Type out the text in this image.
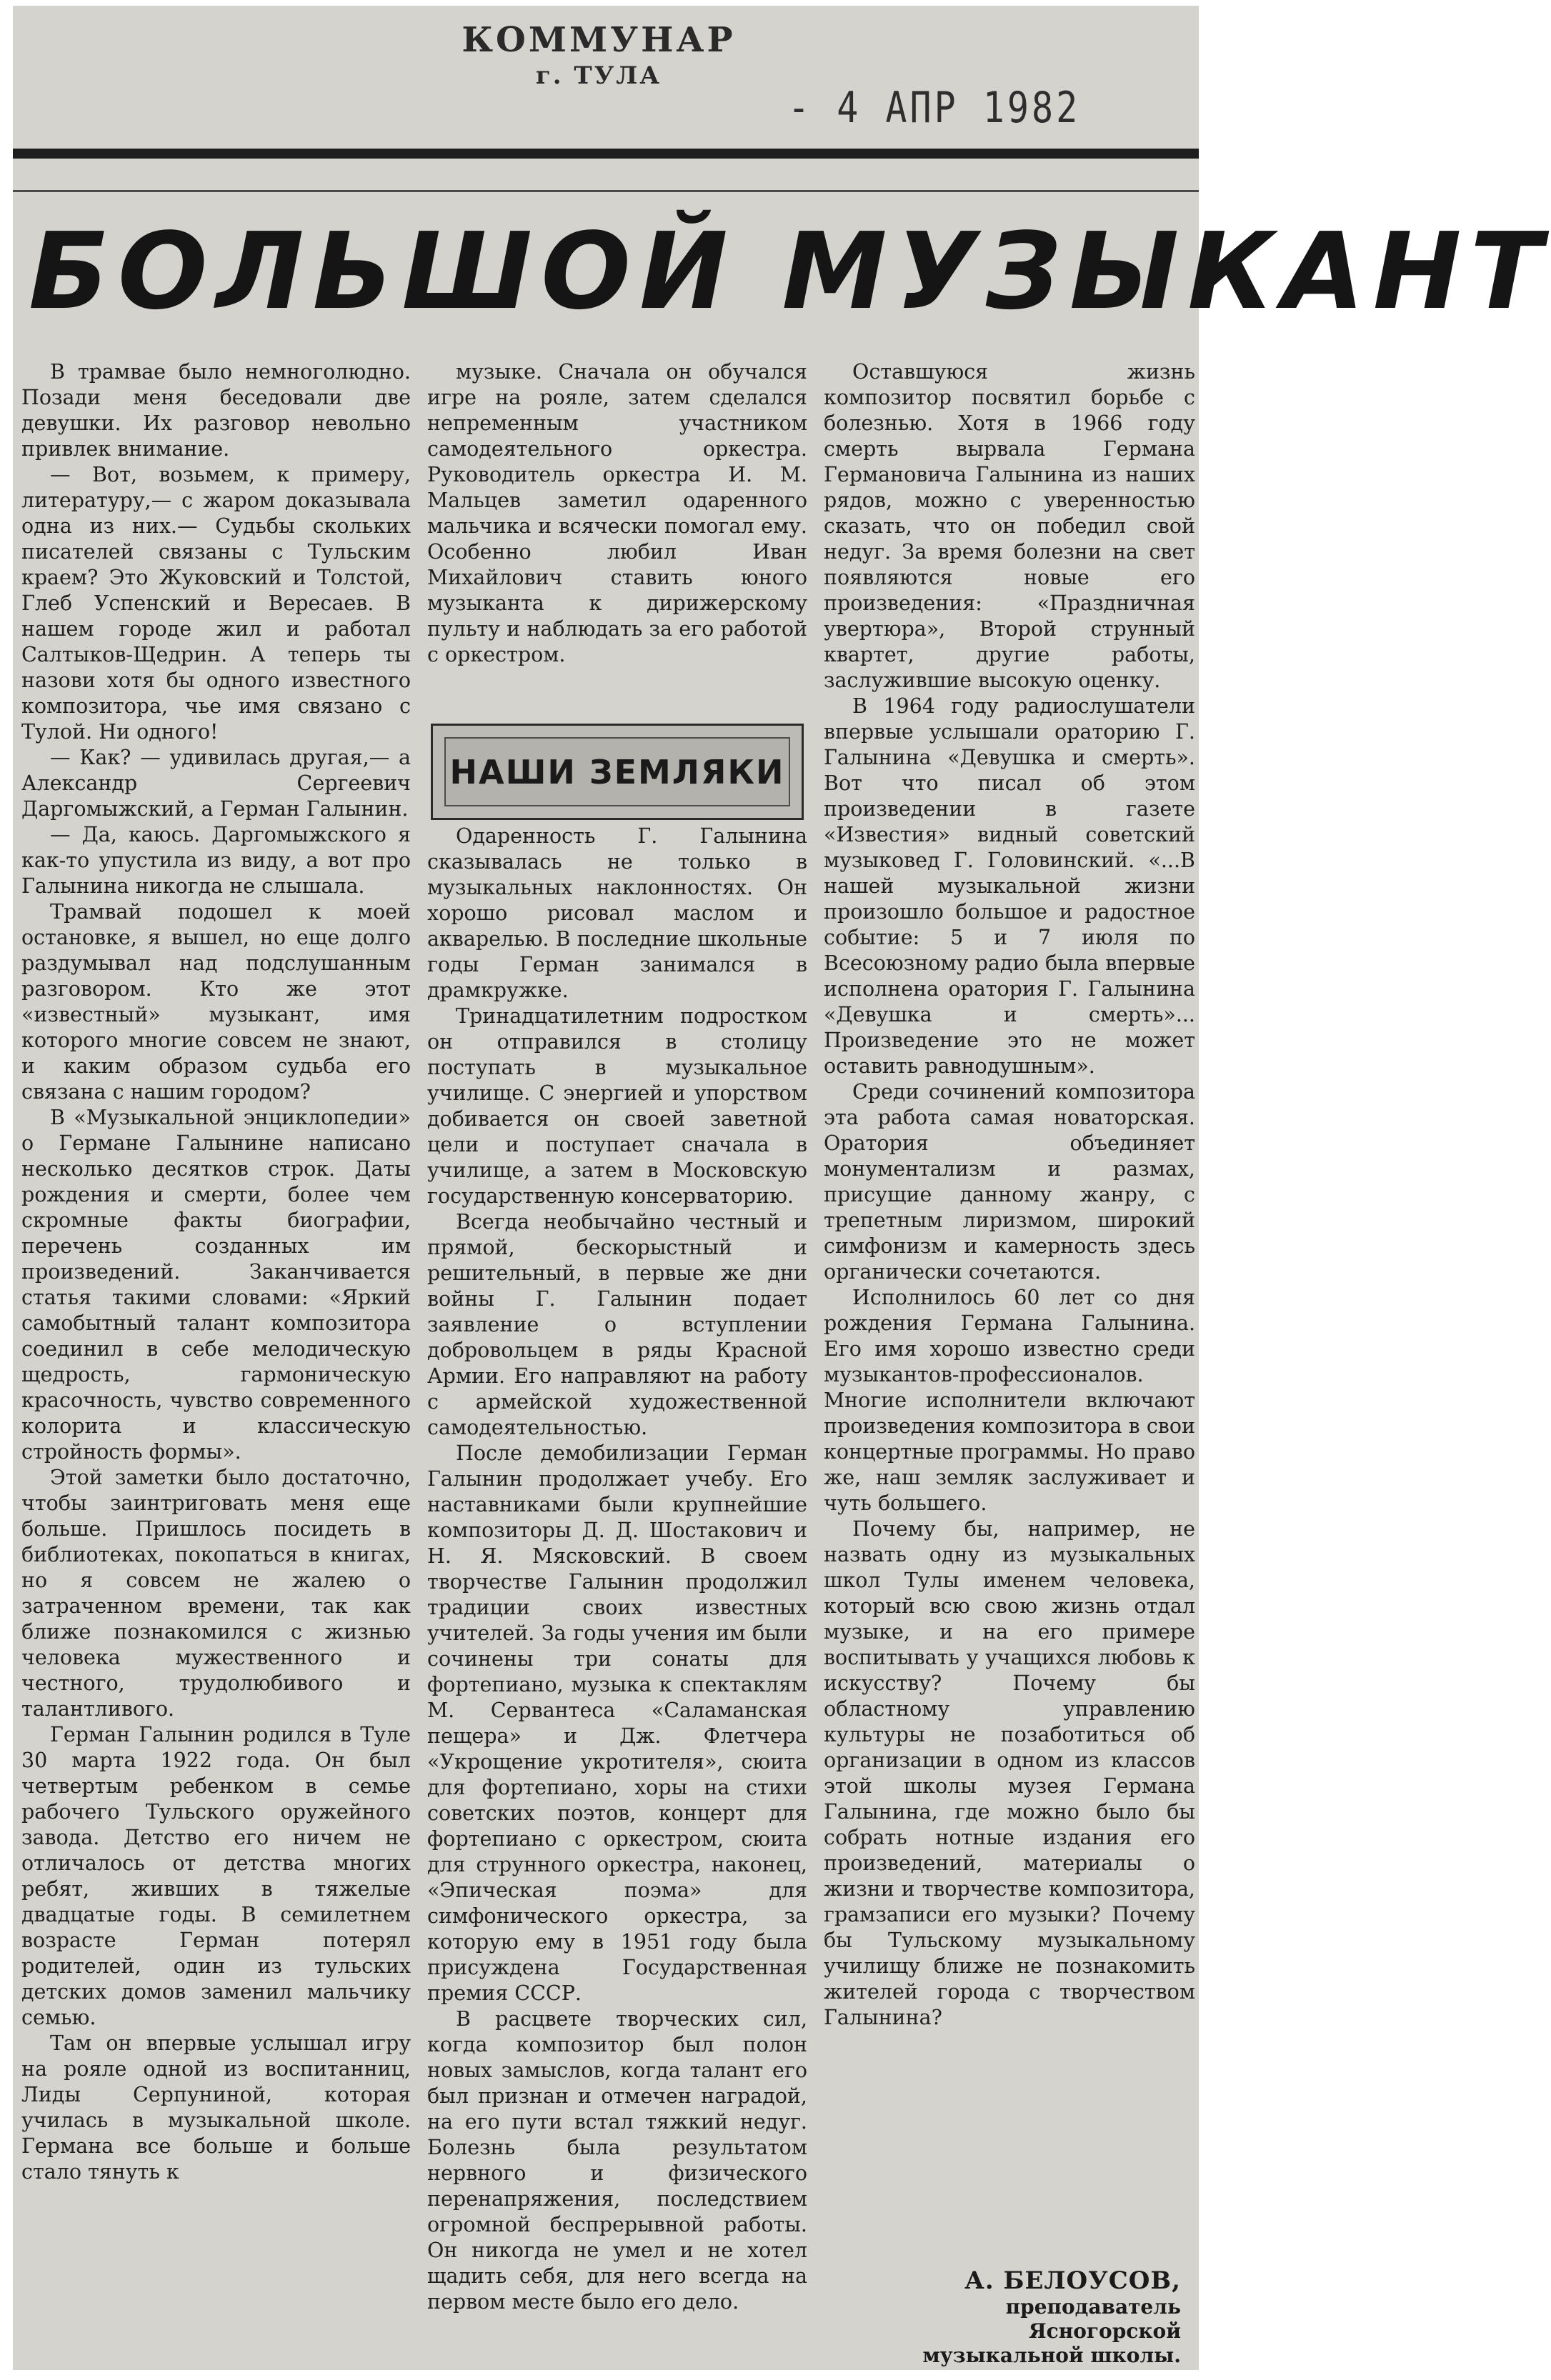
КОММУНАР
г. ТУЛА
- 4 АПР 1982
БОЛЬШОЙ МУЗЫКАНТ

В трамвае было немноголюдно. Позади меня беседовали две девушки. Их разговор невольно привлек внимание.

— Вот, возьмем, к примеру, литературу,— с жаром доказывала одна из них.— Судьбы скольких писателей связаны с Тульским краем? Это Жуковский и Толстой, Глеб Успенский и Вересаев. В нашем городе жил и работал Салтыков-Щедрин. А теперь ты назови хотя бы одного известного композитора, чье имя связано с Тулой. Ни одного!

— Как? — удивилась другая,— а Александр Сергеевич Даргомыжский, а Герман Галынин.

— Да, каюсь. Даргомыжского я как-то упустила из виду, а вот про Галынина никогда не слышала.

Трамвай подошел к моей остановке, я вышел, но еще долго раздумывал над подслушанным разговором. Кто же этот «известный» музыкант, имя которого многие совсем не знают, и каким образом судьба его связана с нашим городом?

В «Музыкальной энциклопедии» о Германе Галынине написано несколько десятков строк. Даты рождения и смерти, более чем скромные факты биографии, перечень созданных им произведений. Заканчивается статья такими словами: «Яркий самобытный талант композитора соединил в себе мелодическую щедрость, гармоническую красочность, чувство современного колорита и классическую стройность формы».

Этой заметки было достаточно, чтобы заинтриговать меня еще больше. Пришлось посидеть в библиотеках, покопаться в книгах, но я совсем не жалею о затраченном времени, так как ближе познакомился с жизнью человека мужественного и честного, трудолюбивого и талантливого.

Герман Галынин родился в Туле 30 марта 1922 года. Он был четвертым ребенком в семье рабочего Тульского оружейного завода. Детство его ничем не отличалось от детства многих ребят, живших в тяжелые двадцатые годы. В семилетнем возрасте Герман потерял родителей, один из тульских детских домов заменил мальчику семью.

Там он впервые услышал игру на рояле одной из воспитанниц, Лиды Серпуниной, которая училась в музыкальной школе. Германа все больше и больше стало тянуть к

музыке. Сначала он обучался игре на рояле, затем сделался непременным участником самодеятельного оркестра. Руководитель оркестра И. М. Мальцев заметил одаренного мальчика и всячески помогал ему. Особенно любил Иван Михайлович ставить юного музыканта к дирижерскому пульту и наблюдать за его работой с оркестром.

НАШИ ЗЕМЛЯКИ

Одаренность Г. Галынина сказывалась не только в музыкальных наклонностях. Он хорошо рисовал маслом и акварелью. В последние школьные годы Герман занимался в драмкружке.

Тринадцатилетним подростком он отправился в столицу поступать в музыкальное училище. С энергией и упорством добивается он своей заветной цели и поступает сначала в училище, а затем в Московскую государственную консерваторию.

Всегда необычайно честный и прямой, бескорыстный и решительный, в первые же дни войны Г. Галынин подает заявление о вступлении добровольцем в ряды Красной Армии. Его направляют на работу с армейской художественной самодеятельностью.

После демобилизации Герман Галынин продолжает учебу. Его наставниками были крупнейшие композиторы Д. Д. Шостакович и Н. Я. Мясковский. В своем творчестве Галынин продолжил традиции своих известных учителей. За годы учения им были сочинены три сонаты для фортепиано, музыка к спектаклям М. Сервантеса «Саламанская пещера» и Дж. Флетчера «Укрощение укротителя», сюита для фортепиано, хоры на стихи советских поэтов, концерт для фортепиано с оркестром, сюита для струнного оркестра, наконец, «Эпическая поэма» для симфонического оркестра, за которую ему в 1951 году была присуждена Государственная премия СССР.

В расцвете творческих сил, когда композитор был полон новых замыслов, когда талант его был признан и отмечен наградой, на его пути встал тяжкий недуг. Болезнь была результатом нервного и физического перенапряжения, последствием огромной беспрерывной работы. Он никогда не умел и не хотел щадить себя, для него всегда на первом месте было его дело.

Оставшуюся жизнь композитор посвятил борьбе с болезнью. Хотя в 1966 году смерть вырвала Германа Германовича Галынина из наших рядов, можно с уверенностью сказать, что он победил свой недуг. За время болезни на свет появляются новые его произведения: «Праздничная увертюра», Второй струнный квартет, другие работы, заслужившие высокую оценку.

В 1964 году радиослушатели впервые услышали ораторию Г. Галынина «Девушка и смерть». Вот что писал об этом произведении в газете «Известия» видный советский музыковед Г. Головинский. «...В нашей музыкальной жизни произошло большое и радостное событие: 5 и 7 июля по Всесоюзному радио была впервые исполнена оратория Г. Галынина «Девушка и смерть»... Произведение это не может оставить равнодушным».

Среди сочинений композитора эта работа самая новаторская. Оратория объединяет монументализм и размах, присущие данному жанру, с трепетным лиризмом, широкий симфонизм и камерность здесь органически сочетаются.

Исполнилось 60 лет со дня рождения Германа Галынина. Его имя хорошо известно среди музыкантов-профессионалов. Многие исполнители включают произведения композитора в свои концертные программы. Но право же, наш земляк заслуживает и чуть большего.

Почему бы, например, не назвать одну из музыкальных школ Тулы именем человека, который всю свою жизнь отдал музыке, и на его примере воспитывать у учащихся любовь к искусству? Почему бы областному управлению культуры не позаботиться об организации в одном из классов этой школы музея Германа Галынина, где можно было бы собрать нотные издания его произведений, материалы о жизни и творчестве композитора, грамзаписи его музыки? Почему бы Тульскому музыкальному училищу ближе не познакомить жителей города с творчеством Галынина?

А. БЕЛОУСОВ,
преподаватель
Ясногорской
музыкальной школы.
